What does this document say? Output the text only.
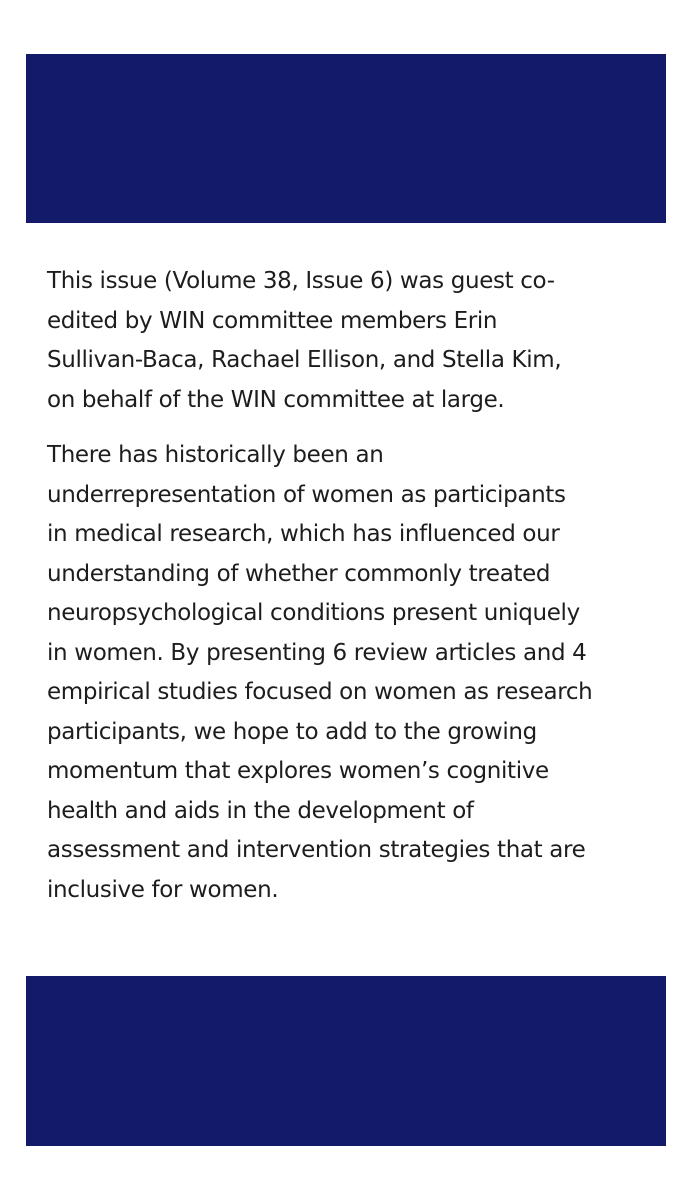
This issue (Volume 38, Issue 6) was guest co-
edited by WIN committee members Erin
Sullivan-Baca, Rachael Ellison, and Stella Kim,
on behalf of the WIN committee at large.

There has historically been an
underrepresentation of women as participants
in medical research, which has influenced our
understanding of whether commonly treated
neuropsychological conditions present uniquely
in women. By presenting 6 review articles and 4
empirical studies focused on women as research
participants, we hope to add to the growing
momentum that explores women’s cognitive
health and aids in the development of
assessment and intervention strategies that are
inclusive for women.
